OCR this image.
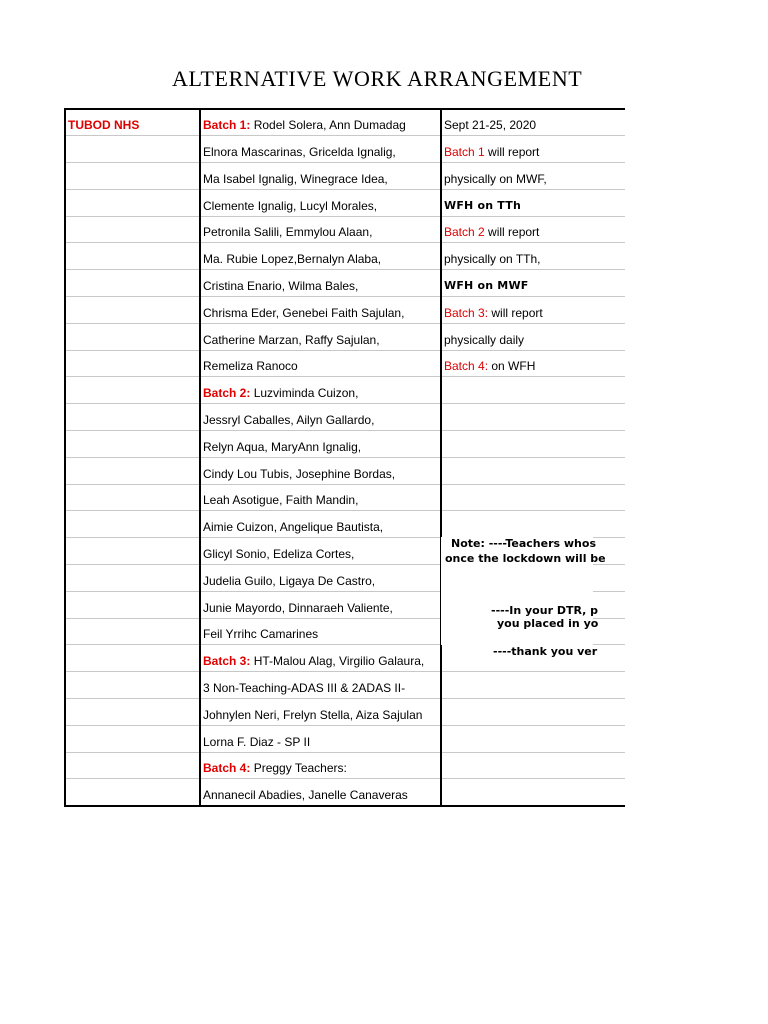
ALTERNATIVE WORK ARRANGEMENT
TUBOD NHS	Batch 1: Rodel Solera, Ann Dumadag	Sept 21-25, 2020
	Elnora Mascarinas, Gricelda Ignalig,	Batch 1 will report
	Ma Isabel Ignalig, Winegrace Idea,	physically on MWF,
	Clemente Ignalig, Lucyl Morales,	WFH on TTh
	Petronila Salili, Emmylou Alaan,	Batch 2 will report
	Ma. Rubie Lopez,Bernalyn Alaba,	physically on TTh,
	Cristina Enario, Wilma Bales,	WFH on MWF
	Chrisma Eder, Genebei Faith Sajulan,	Batch 3: will report
	Catherine Marzan, Raffy Sajulan,	physically daily
	Remeliza Ranoco	Batch 4: on WFH
	Batch 2: Luzviminda Cuizon,	
	Jessryl Caballes, Ailyn Gallardo,	
	Relyn Aqua, MaryAnn Ignalig,	
	Cindy Lou Tubis, Josephine Bordas,	
	Leah Asotigue, Faith Mandin,	
	Aimie Cuizon, Angelique Bautista,	
	Glicyl Sonio, Edeliza Cortes,	
	Judelia Guilo, Ligaya De Castro,	
	Junie Mayordo, Dinnaraeh Valiente,	
	Feil Yrrihc Camarines	
	Batch 3: HT-Malou Alag, Virgilio Galaura,	
	3 Non-Teaching-ADAS III & 2ADAS II-	
	Johnylen Neri, Frelyn Stella, Aiza Sajulan	
	Lorna F. Diaz - SP II	
	Batch 4: Preggy Teachers:	
	Annanecil Abadies, Janelle Canaveras	
Note: ----Teachers whos
once the lockdown will be
----In your DTR, p
you placed in yo
----thank you ver
